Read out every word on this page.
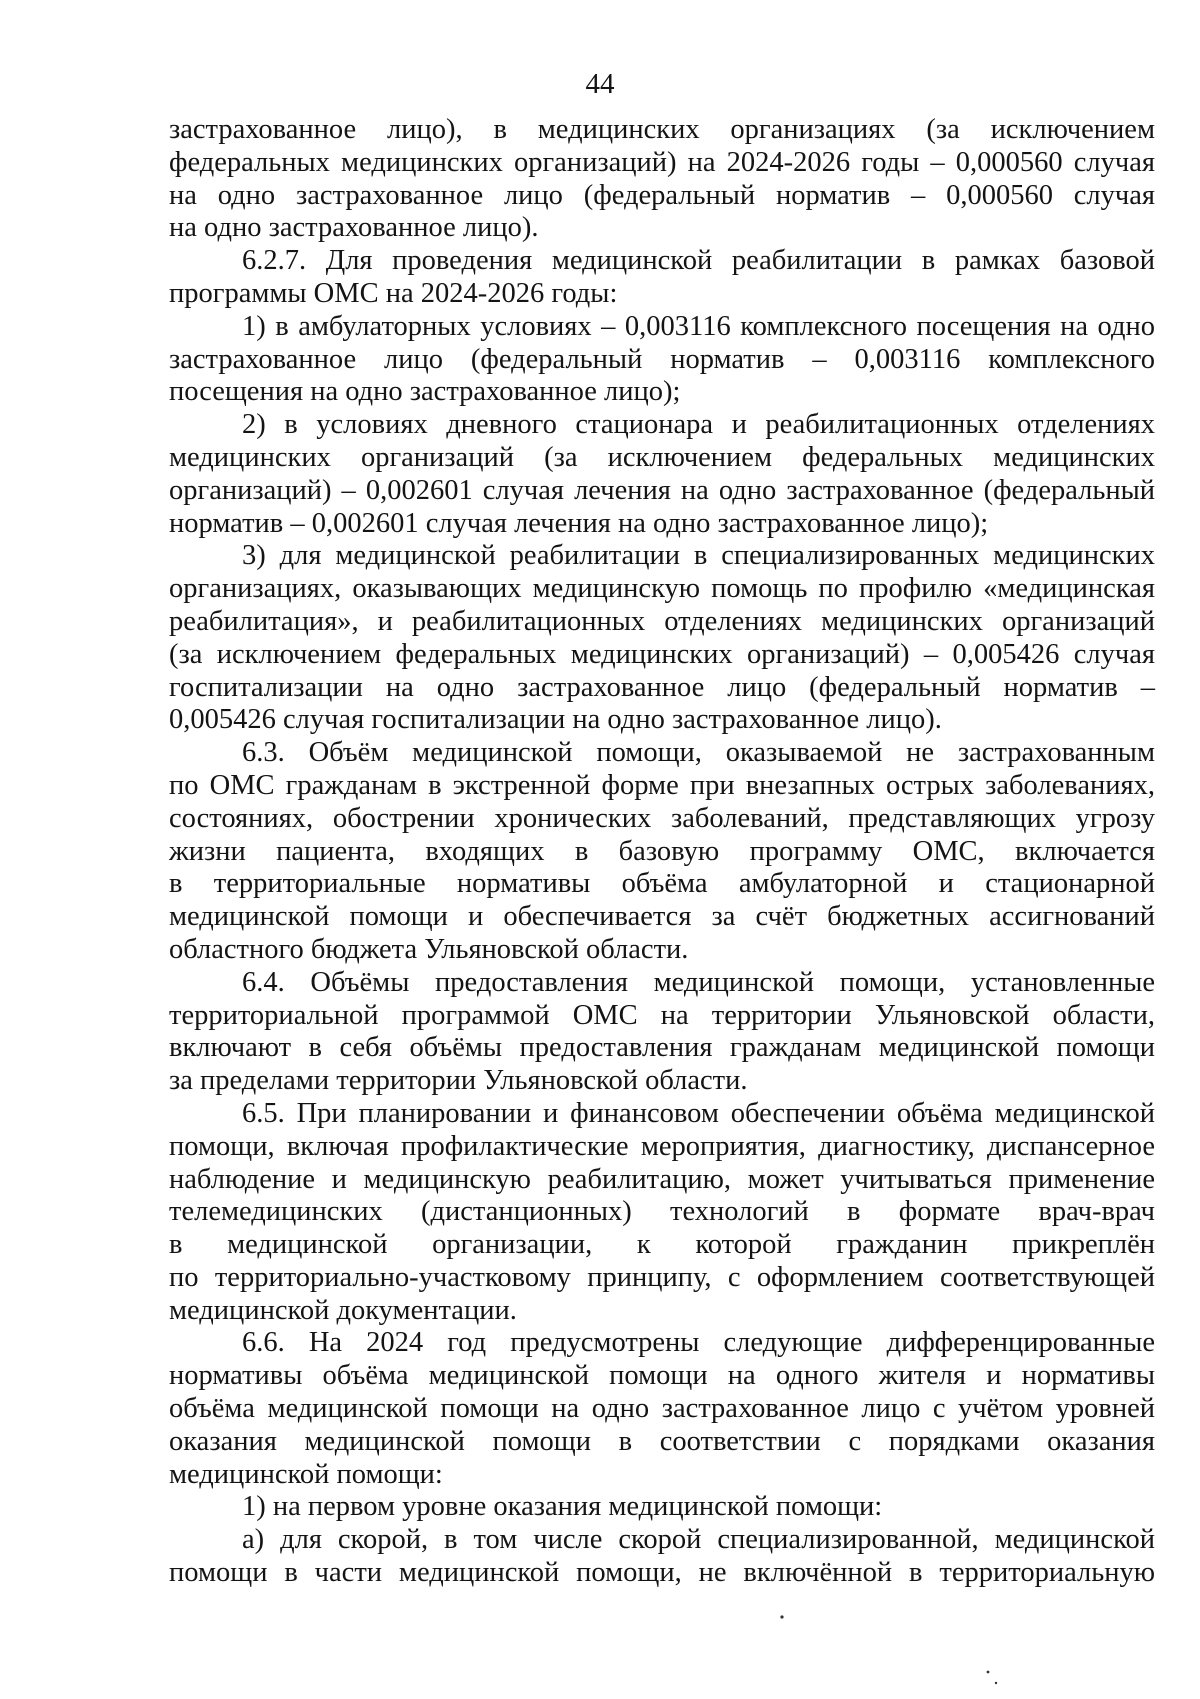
44
застрахованное лицо), в медицинских организациях (за исключением
федеральных медицинских организаций) на 2024-2026 годы – 0,000560 случая
на одно застрахованное лицо (федеральный норматив – 0,000560 случая
на одно застрахованное лицо).
6.2.7. Для проведения медицинской реабилитации в рамках базовой
программы ОМС на 2024-2026 годы:
1) в амбулаторных условиях – 0,003116 комплексного посещения на одно
застрахованное лицо (федеральный норматив – 0,003116 комплексного
посещения на одно застрахованное лицо);
2) в условиях дневного стационара и реабилитационных отделениях
медицинских организаций (за исключением федеральных медицинских
организаций) – 0,002601 случая лечения на одно застрахованное (федеральный
норматив – 0,002601 случая лечения на одно застрахованное лицо);
3) для медицинской реабилитации в специализированных медицинских
организациях, оказывающих медицинскую помощь по профилю «медицинская
реабилитация», и реабилитационных отделениях медицинских организаций
(за исключением федеральных медицинских организаций) – 0,005426 случая
госпитализации на одно застрахованное лицо (федеральный норматив –
0,005426 случая госпитализации на одно застрахованное лицо).
6.3. Объём медицинской помощи, оказываемой не застрахованным
по ОМС гражданам в экстренной форме при внезапных острых заболеваниях,
состояниях, обострении хронических заболеваний, представляющих угрозу
жизни пациента, входящих в базовую программу ОМС, включается
в территориальные нормативы объёма амбулаторной и стационарной
медицинской помощи и обеспечивается за счёт бюджетных ассигнований
областного бюджета Ульяновской области.
6.4. Объёмы предоставления медицинской помощи, установленные
территориальной программой ОМС на территории Ульяновской области,
включают в себя объёмы предоставления гражданам медицинской помощи
за пределами территории Ульяновской области.
6.5. При планировании и финансовом обеспечении объёма медицинской
помощи, включая профилактические мероприятия, диагностику, диспансерное
наблюдение и медицинскую реабилитацию, может учитываться применение
телемедицинских (дистанционных) технологий в формате врач-врач
в медицинской организации, к которой гражданин прикреплён
по территориально-участковому принципу, с оформлением соответствующей
медицинской документации.
6.6. На 2024 год предусмотрены следующие дифференцированные
нормативы объёма медицинской помощи на одного жителя и нормативы
объёма медицинской помощи на одно застрахованное лицо с учётом уровней
оказания медицинской помощи в соответствии с порядками оказания
медицинской помощи:
1) на первом уровне оказания медицинской помощи:
а) для скорой, в том числе скорой специализированной, медицинской
помощи в части медицинской помощи, не включённой в территориальную
